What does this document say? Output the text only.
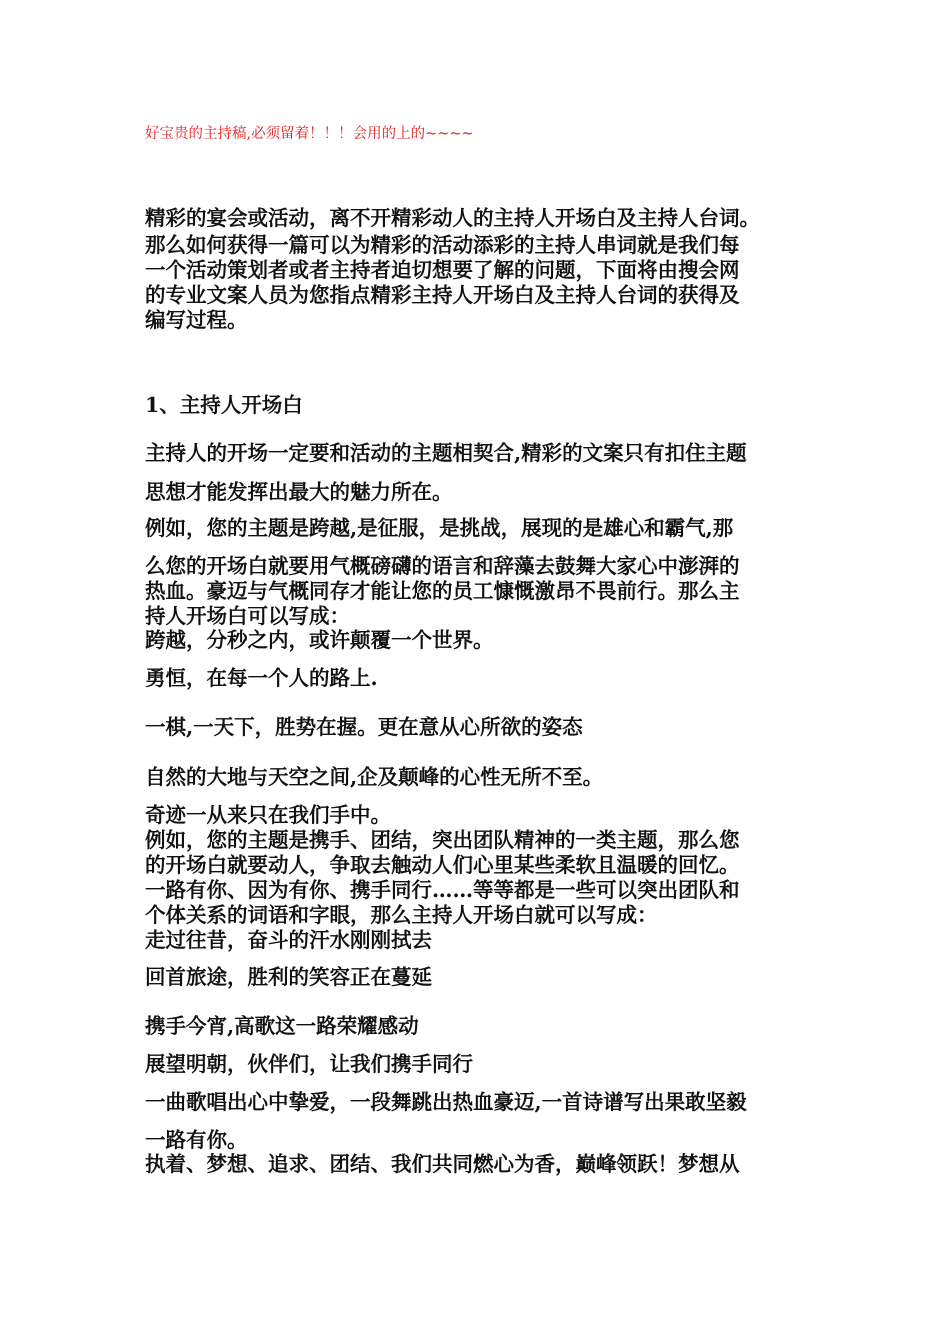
好宝贵的主持稿,必须留着！！！会用的上的~~~~
精彩的宴会或活动，离不开精彩动人的主持人开场白及主持人台词。
那么如何获得一篇可以为精彩的活动添彩的主持人串词就是我们每
一个活动策划者或者主持者迫切想要了解的问题，下面将由搜会网
的专业文案人员为您指点精彩主持人开场白及主持人台词的获得及
编写过程。
1、主持人开场白
主持人的开场一定要和活动的主题相契合,精彩的文案只有扣住主题
思想才能发挥出最大的魅力所在。
例如，您的主题是跨越,是征服，是挑战，展现的是雄心和霸气,那
么您的开场白就要用气概磅礴的语言和辞藻去鼓舞大家心中澎湃的
热血。豪迈与气概同存才能让您的员工慷慨激昂不畏前行。那么主
持人开场白可以写成：
跨越，分秒之内，或许颠覆一个世界。
勇恒，在每一个人的路上.
一棋,一天下，胜势在握。更在意从心所欲的姿态
自然的大地与天空之间,企及颠峰的心性无所不至。
奇迹一从来只在我们手中。
例如，您的主题是携手、团结，突出团队精神的一类主题，那么您
的开场白就要动人，争取去触动人们心里某些柔软且温暖的回忆。
一路有你、因为有你、携手同行……等等都是一些可以突出团队和
个体关系的词语和字眼，那么主持人开场白就可以写成：
走过往昔，奋斗的汗水刚刚拭去
回首旅途，胜利的笑容正在蔓延
携手今宵,高歌这一路荣耀感动
展望明朝，伙伴们，让我们携手同行
一曲歌唱出心中挚爱，一段舞跳出热血豪迈,一首诗谱写出果敢坚毅
一路有你。
执着、梦想、追求、团结、我们共同燃心为香，巅峰领跃！梦想从
